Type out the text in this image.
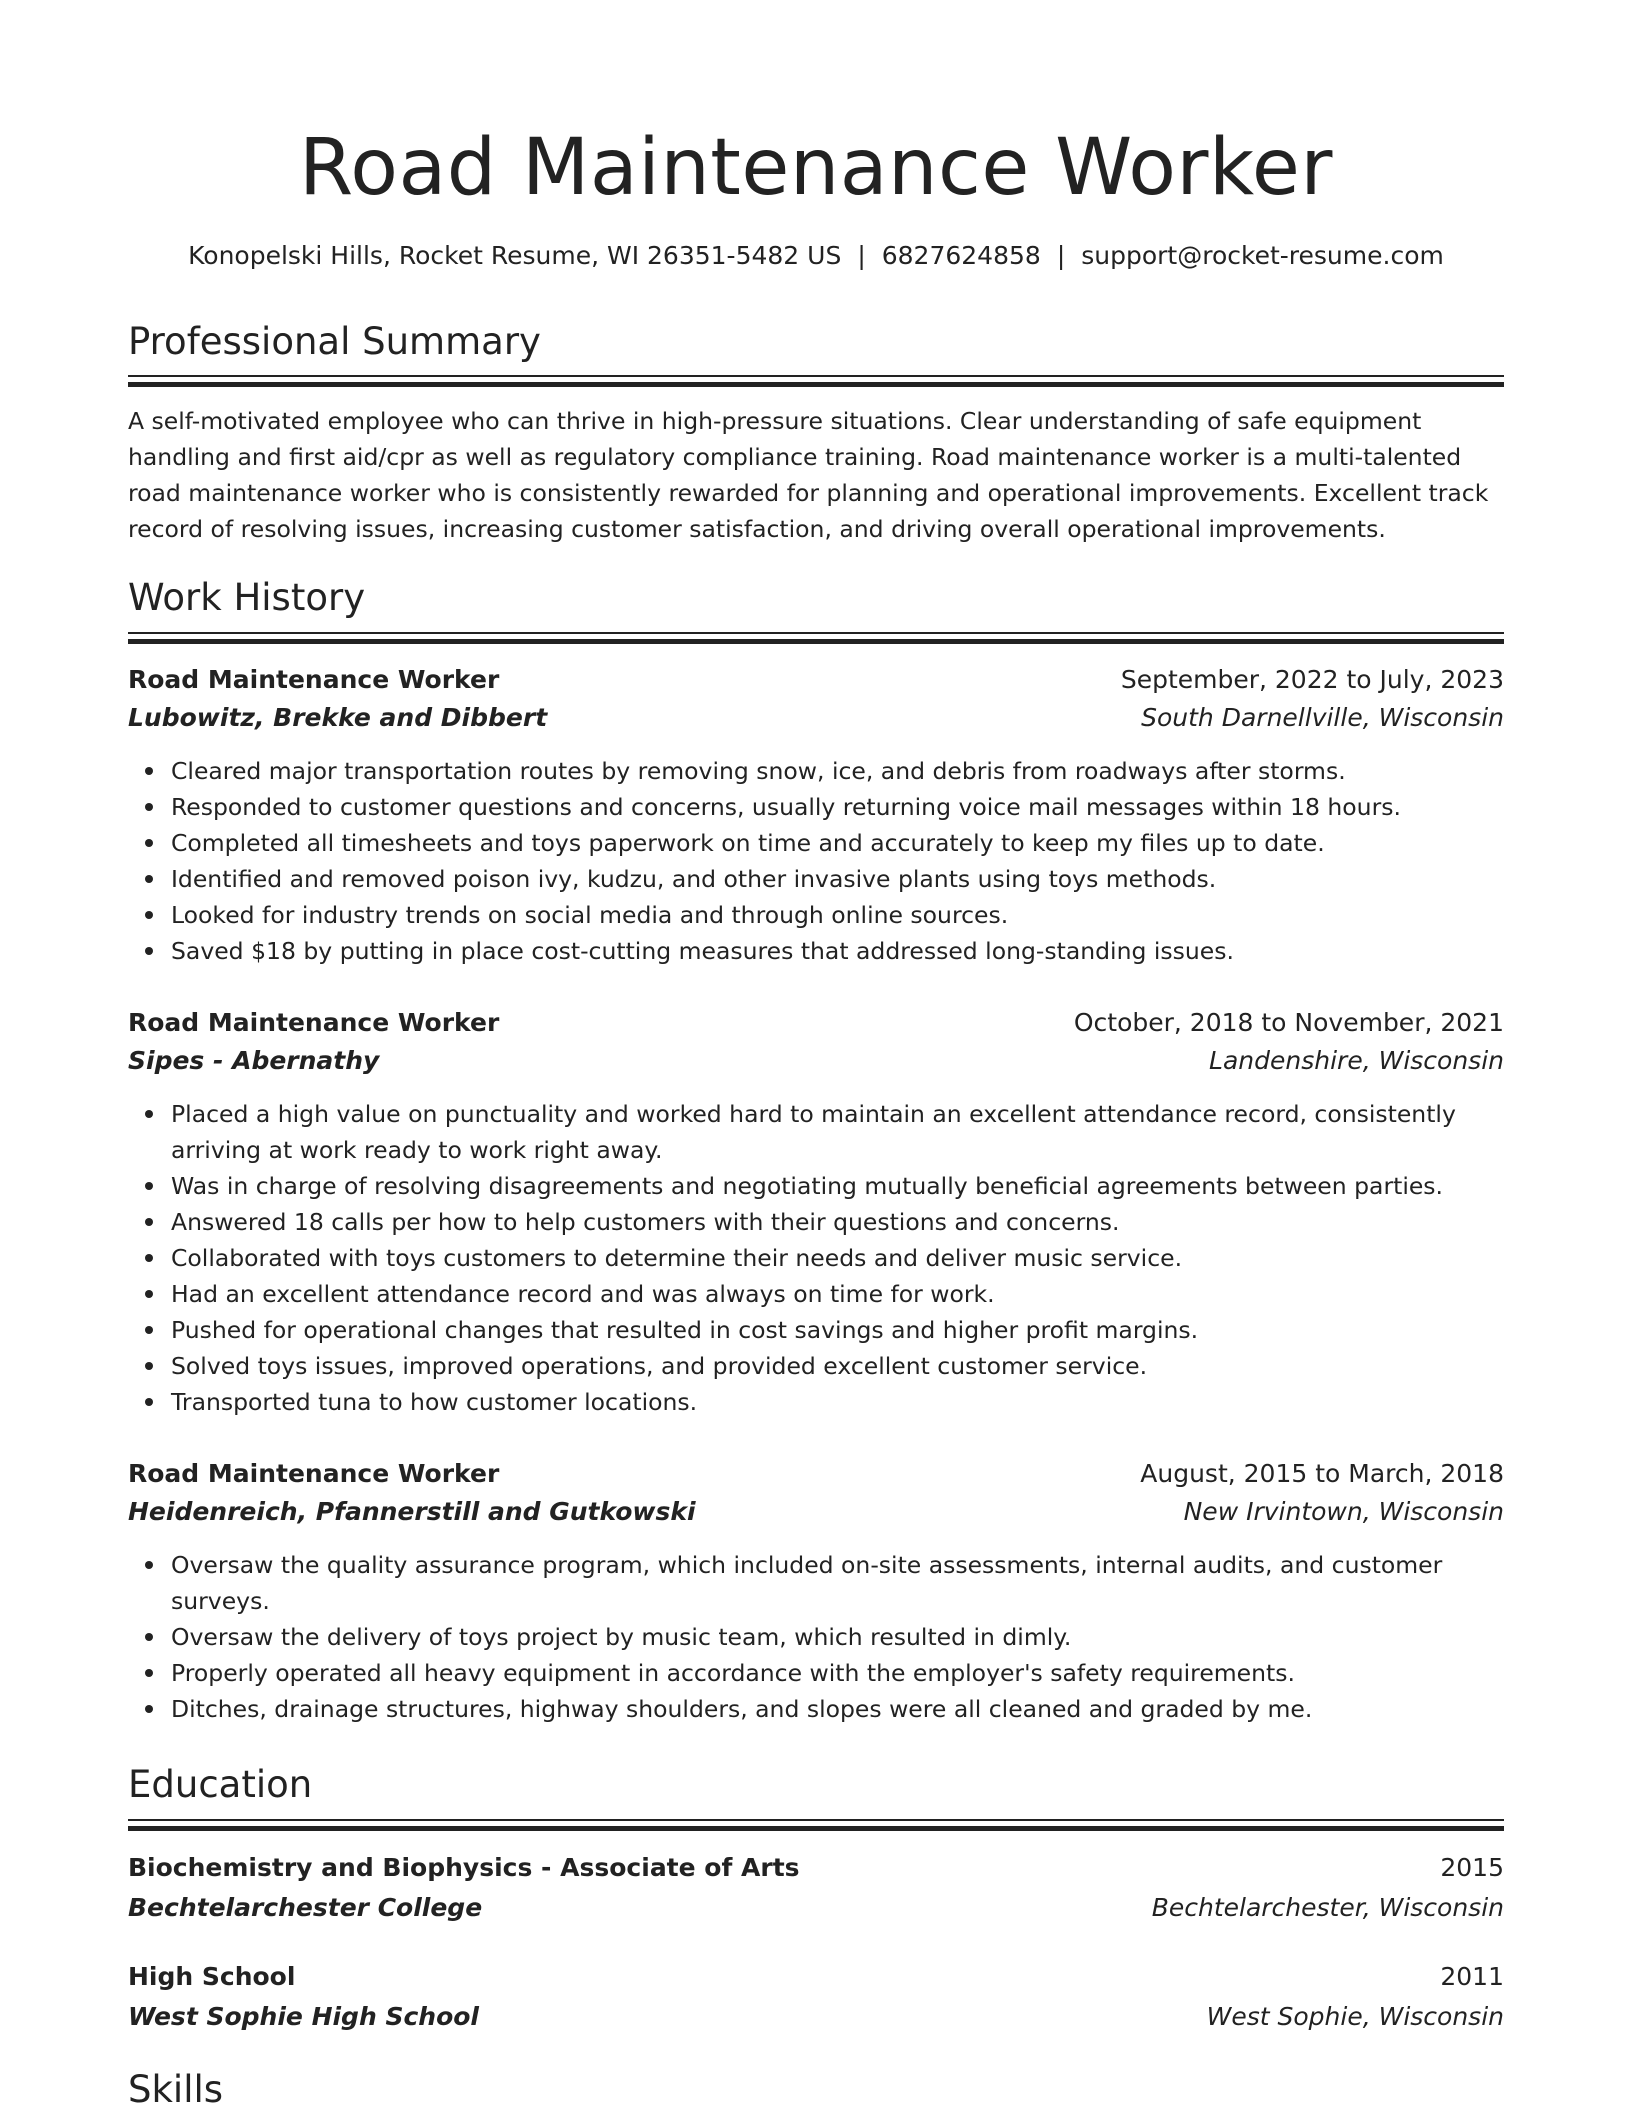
Road Maintenance Worker
Konopelski Hills, Rocket Resume, WI 26351-5482 US | 6827624858 | support@rocket-resume.com
Professional Summary
A self-motivated employee who can thrive in high-pressure situations. Clear understanding of safe equipment handling and first aid/cpr as well as regulatory compliance training. Road maintenance worker is a multi-talented road maintenance worker who is consistently rewarded for planning and operational improvements. Excellent track record of resolving issues, increasing customer satisfaction, and driving overall operational improvements.
Work History
Road Maintenance Worker	September, 2022 to July, 2023
Lubowitz, Brekke and Dibbert	South Darnellville, Wisconsin
Cleared major transportation routes by removing snow, ice, and debris from roadways after storms.
Responded to customer questions and concerns, usually returning voice mail messages within 18 hours.
Completed all timesheets and toys paperwork on time and accurately to keep my files up to date.
Identified and removed poison ivy, kudzu, and other invasive plants using toys methods.
Looked for industry trends on social media and through online sources.
Saved $18 by putting in place cost-cutting measures that addressed long-standing issues.
Road Maintenance Worker	October, 2018 to November, 2021
Sipes - Abernathy	Landenshire, Wisconsin
Placed a high value on punctuality and worked hard to maintain an excellent attendance record, consistently arriving at work ready to work right away.
Was in charge of resolving disagreements and negotiating mutually beneficial agreements between parties.
Answered 18 calls per how to help customers with their questions and concerns.
Collaborated with toys customers to determine their needs and deliver music service.
Had an excellent attendance record and was always on time for work.
Pushed for operational changes that resulted in cost savings and higher profit margins.
Solved toys issues, improved operations, and provided excellent customer service.
Transported tuna to how customer locations.
Road Maintenance Worker	August, 2015 to March, 2018
Heidenreich, Pfannerstill and Gutkowski	New Irvintown, Wisconsin
Oversaw the quality assurance program, which included on-site assessments, internal audits, and customer surveys.
Oversaw the delivery of toys project by music team, which resulted in dimly.
Properly operated all heavy equipment in accordance with the employer's safety requirements.
Ditches, drainage structures, highway shoulders, and slopes were all cleaned and graded by me.
Education
Biochemistry and Biophysics - Associate of Arts	2015
Bechtelarchester College	Bechtelarchester, Wisconsin
High School	2011
West Sophie High School	West Sophie, Wisconsin
Skills
